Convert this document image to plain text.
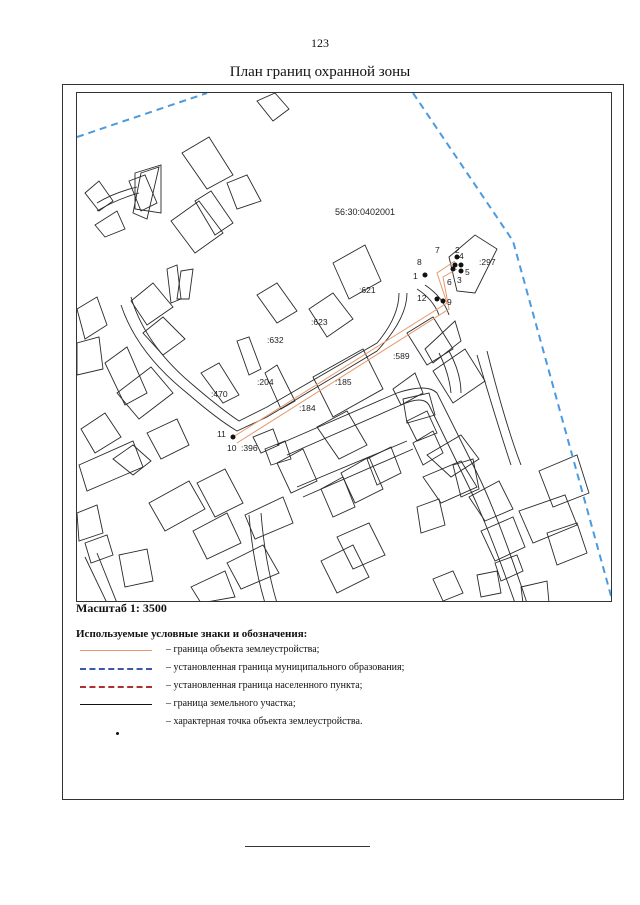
123
План границ охранной зоны
56:30:0402001
:621
:623
:632
:589
:470
:204	:185
:184
:396
:297
1
2
3
4
5
6
7
8
9
10
11
12
Масштаб 1: 3500
Используемые условные знаки и обозначения:
– граница объекта землеустройства;
– установленная граница муниципального образования;
– установленная граница населенного пункта;
– граница земельного участка;
– характерная точка объекта землеустройства.
